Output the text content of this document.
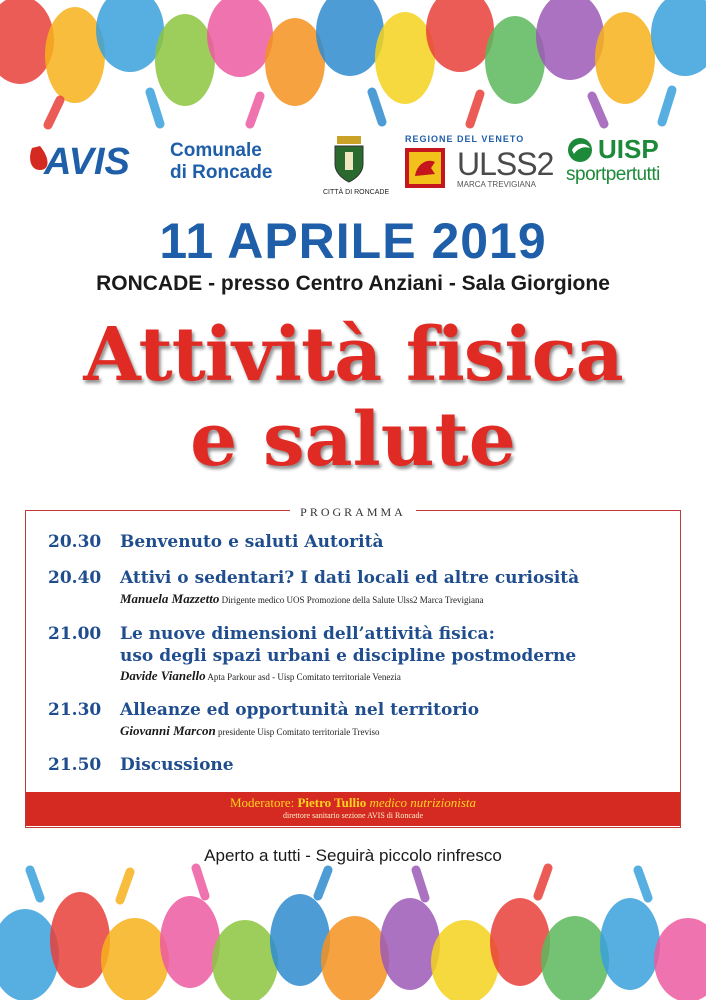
AVIS Comunale
di Roncade
CITTÀ DI RONCADE
REGIONE DEL VENETO
ULSS2
MARCA TREVIGIANA
UISP
sportpertutti
11 APRILE 2019
RONCADE - presso Centro Anziani - Sala Giorgione
Attività fisica
e salute
PROGRAMMA
20.30 Benvenuto e saluti Autorità
20.40 Attivi o sedentari? I dati locali ed altre curiosità
Manuela Mazzetto Dirigente medico UOS Promozione della Salute Ulss2 Marca Trevigiana
21.00 Le nuove dimensioni dell’attività fisica:
uso degli spazi urbani e discipline postmoderne
Davide Vianello Apta Parkour asd - Uisp Comitato territoriale Venezia
21.30 Alleanze ed opportunità nel territorio
Giovanni Marcon presidente Uisp Comitato territoriale Treviso
21.50 Discussione
Moderatore: Pietro Tullio medico nutrizionista
direttore sanitario sezione AVIS di Roncade
Aperto a tutti - Seguirà piccolo rinfresco
